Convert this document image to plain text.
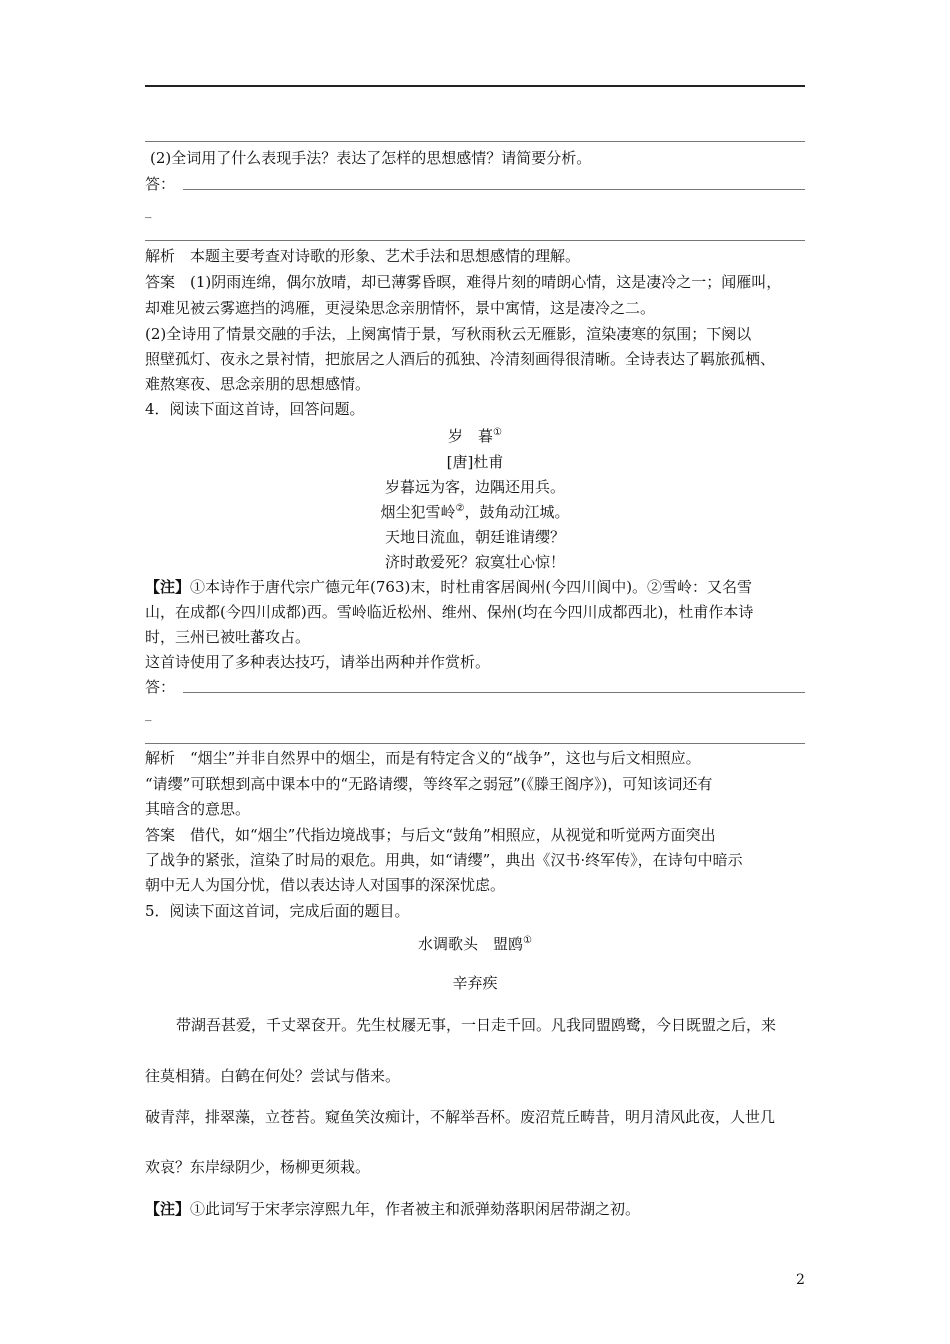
(2)全词用了什么表现手法？表达了怎样的思想感情？请简要分析。
答：
_
解析　本题主要考查对诗歌的形象、艺术手法和思想感情的理解。
答案　(1)阴雨连绵，偶尔放晴，却已薄雾昏暝，难得片刻的晴朗心情，这是凄冷之一；闻雁叫，
却难见被云雾遮挡的鸿雁，更浸染思念亲朋情怀，景中寓情，这是凄冷之二。
(2)全诗用了情景交融的手法，上阕寓情于景，写秋雨秋云无雁影，渲染凄寒的氛围；下阕以
照壁孤灯、夜永之景衬情，把旅居之人酒后的孤独、冷清刻画得很清晰。全诗表达了羁旅孤栖、
难熬寒夜、思念亲朋的思想感情。
4．阅读下面这首诗，回答问题。
岁　暮①
[唐]杜甫
岁暮远为客，边隅还用兵。
烟尘犯雪岭②，鼓角动江城。
天地日流血，朝廷谁请缨？
济时敢爱死？寂寞壮心惊！
【注】①本诗作于唐代宗广德元年(763)末，时杜甫客居阆州(今四川阆中)。②雪岭：又名雪
山，在成都(今四川成都)西。雪岭临近松州、维州、保州(均在今四川成都西北)，杜甫作本诗
时，三州已被吐蕃攻占。
这首诗使用了多种表达技巧，请举出两种并作赏析。
答：
_
解析　“烟尘”并非自然界中的烟尘，而是有特定含义的“战争”，这也与后文相照应。
“请缨”可联想到高中课本中的“无路请缨，等终军之弱冠”(《滕王阁序》)，可知该词还有
其暗含的意思。
答案　借代，如“烟尘”代指边境战事；与后文“鼓角”相照应，从视觉和听觉两方面突出
了战争的紧张，渲染了时局的艰危。用典，如“请缨”，典出《汉书·终军传》，在诗句中暗示
朝中无人为国分忧，借以表达诗人对国事的深深忧虑。
5．阅读下面这首词，完成后面的题目。
水调歌头　盟鸥①
辛弃疾
带湖吾甚爱，千丈翠奁开。先生杖屦无事，一日走千回。凡我同盟鸥鹭，今日既盟之后，来
往莫相猜。白鹤在何处？尝试与偕来。
破青萍，排翠藻，立苍苔。窥鱼笑汝痴计，不解举吾杯。废沼荒丘畴昔，明月清风此夜，人世几
欢哀？东岸绿阴少，杨柳更须栽。
【注】①此词写于宋孝宗淳熙九年，作者被主和派弹劾落职闲居带湖之初。
2
